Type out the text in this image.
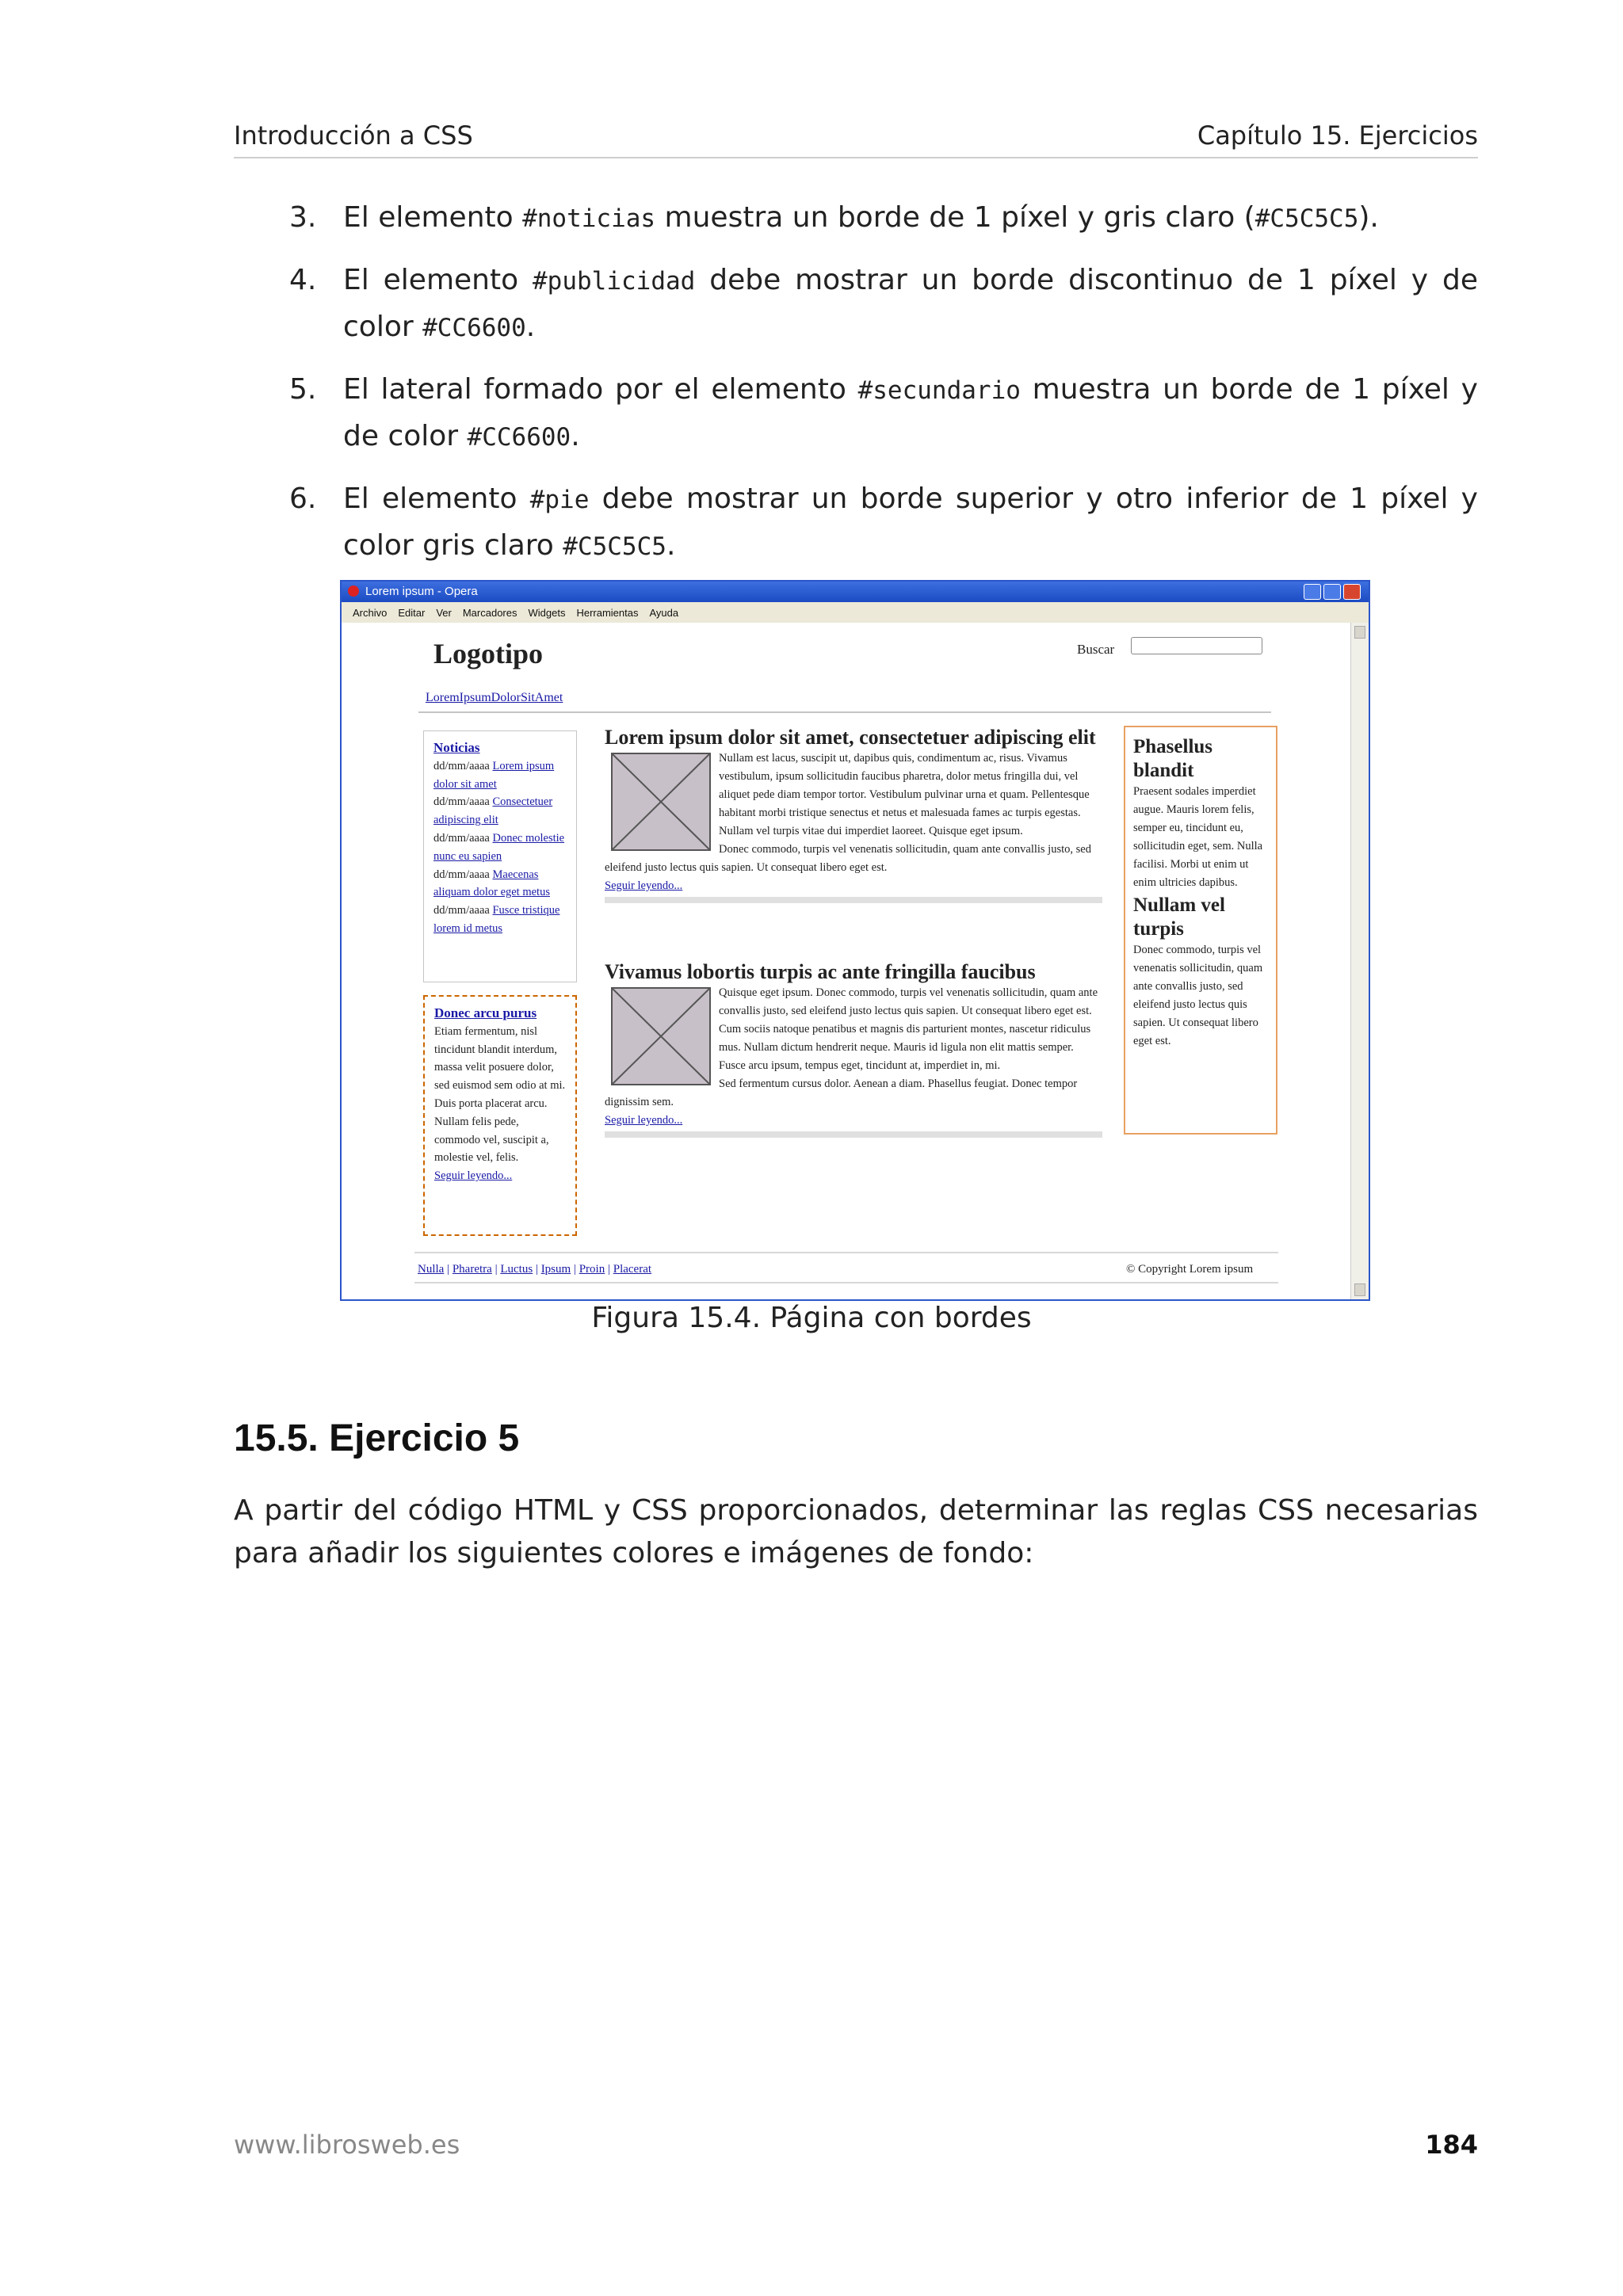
Introducción a CSS	Capítulo 15. Ejercicios
3. El elemento #noticias muestra un borde de 1 píxel y gris claro (#C5C5C5).
4. El elemento #publicidad debe mostrar un borde discontinuo de 1 píxel y de color #CC6600.
5. El lateral formado por el elemento #secundario muestra un borde de 1 píxel y de color #CC6600.
6. El elemento #pie debe mostrar un borde superior y otro inferior de 1 píxel y color gris claro #C5C5C5.
Lorem ipsum - Opera
Archivo Editar Ver Marcadores Widgets Herramientas Ayuda
Logotipo	Buscar
LoremIpsumDolorSitAmet
Noticias
dd/mm/aaaa Lorem ipsum dolor sit amet
dd/mm/aaaa Consectetuer adipiscing elit
dd/mm/aaaa Donec molestie nunc eu sapien
dd/mm/aaaa Maecenas aliquam dolor eget metus
dd/mm/aaaa Fusce tristique lorem id metus
Donec arcu purus
Etiam fermentum, nisl tincidunt blandit interdum, massa velit posuere dolor, sed euismod sem odio at mi.
Duis porta placerat arcu. Nullam felis pede, commodo vel, suscipit a, molestie vel, felis.
Seguir leyendo...
Lorem ipsum dolor sit amet, consectetuer adipiscing elit
Nullam est lacus, suscipit ut, dapibus quis, condimentum ac, risus. Vivamus vestibulum, ipsum sollicitudin faucibus pharetra, dolor metus fringilla dui, vel aliquet pede diam tempor tortor. Vestibulum pulvinar urna et quam. Pellentesque habitant morbi tristique senectus et netus et malesuada fames ac turpis egestas. Nullam vel turpis vitae dui imperdiet laoreet. Quisque eget ipsum.
Donec commodo, turpis vel venenatis sollicitudin, quam ante convallis justo, sed eleifend justo lectus quis sapien. Ut consequat libero eget est.
Seguir leyendo...
Vivamus lobortis turpis ac ante fringilla faucibus
Quisque eget ipsum. Donec commodo, turpis vel venenatis sollicitudin, quam ante convallis justo, sed eleifend justo lectus quis sapien. Ut consequat libero eget est.
Cum sociis natoque penatibus et magnis dis parturient montes, nascetur ridiculus mus. Nullam dictum hendrerit neque. Mauris id ligula non elit mattis semper. Fusce arcu ipsum, tempus eget, tincidunt at, imperdiet in, mi.
Sed fermentum cursus dolor. Aenean a diam. Phasellus feugiat. Donec tempor dignissim sem.
Seguir leyendo...
Phasellus blandit
Praesent sodales imperdiet augue. Mauris lorem felis, semper eu, tincidunt eu, sollicitudin eget, sem. Nulla facilisi. Morbi ut enim ut enim ultricies dapibus.
Nullam vel turpis
Donec commodo, turpis vel venenatis sollicitudin, quam ante convallis justo, sed eleifend justo lectus quis sapien. Ut consequat libero eget est.
Nulla | Pharetra | Luctus | Ipsum | Proin | Placerat	© Copyright Lorem ipsum
Figura 15.4. Página con bordes
15.5. Ejercicio 5
A partir del código HTML y CSS proporcionados, determinar las reglas CSS necesarias para añadir los siguientes colores e imágenes de fondo:
www.librosweb.es	184
